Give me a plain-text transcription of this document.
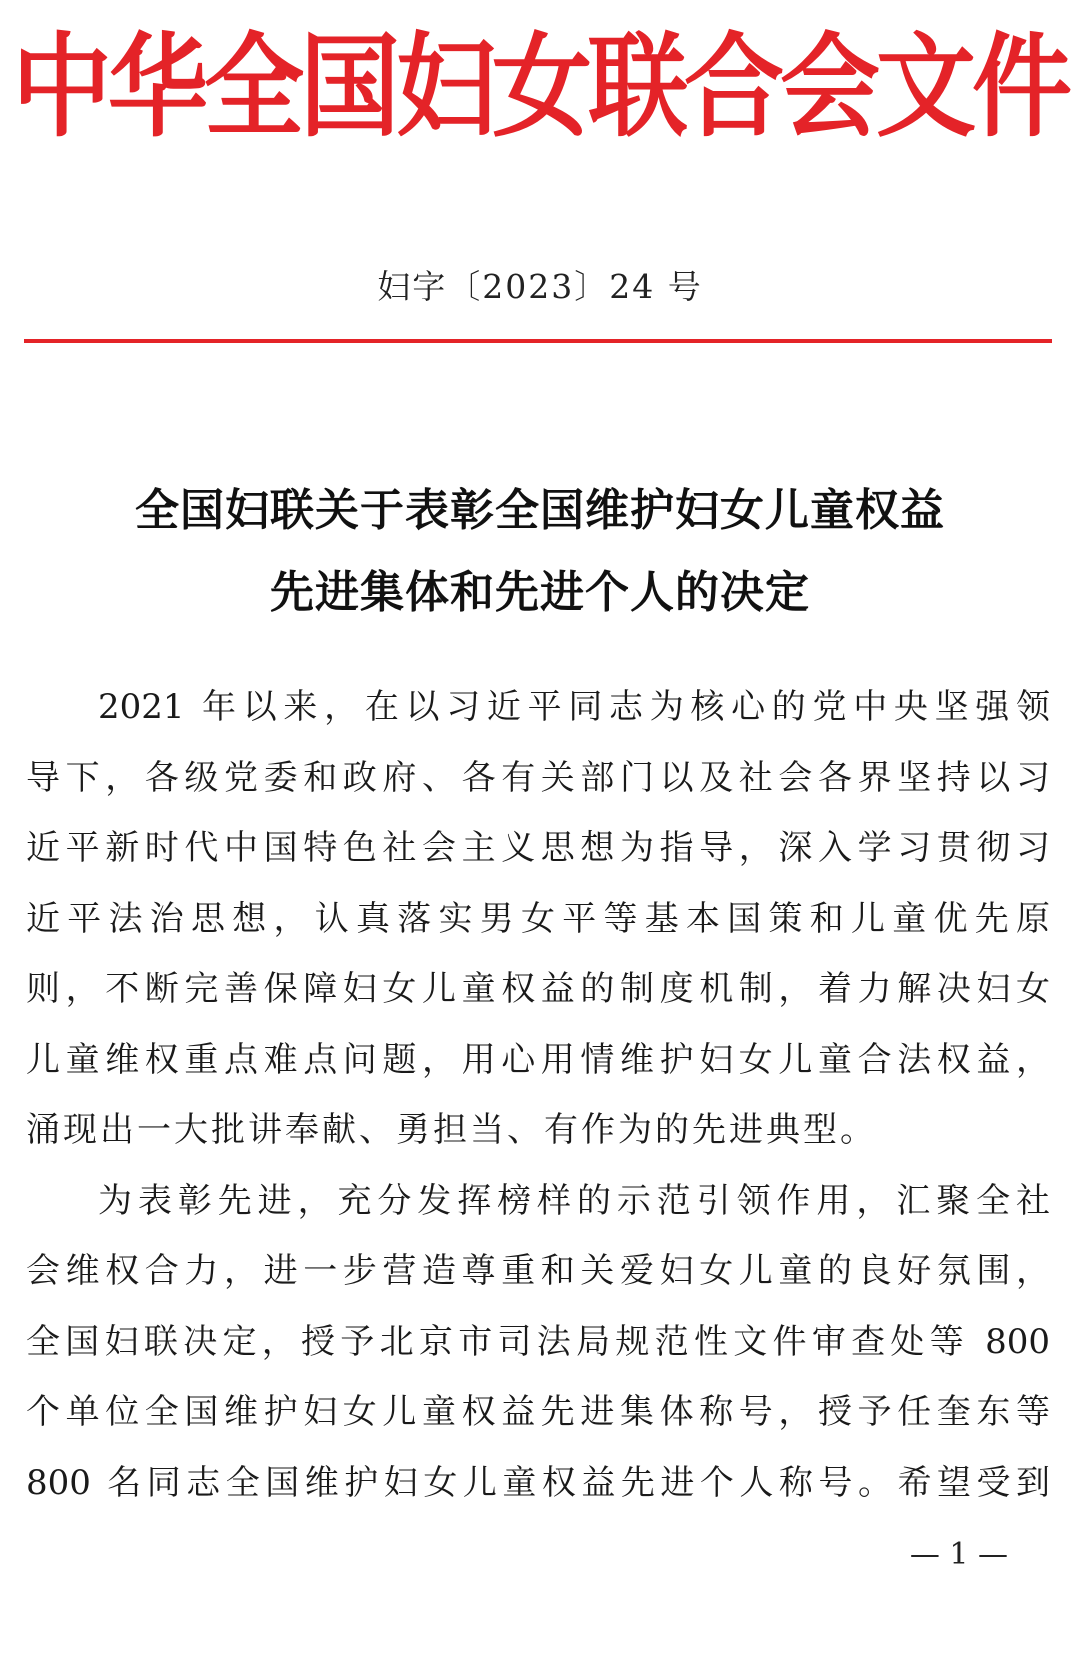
中华全国妇女联合会文件
妇字〔2023〕24 号
全国妇联关于表彰全国维护妇女儿童权益
先进集体和先进个人的决定
2021 年以来，在以习近平同志为核心的党中央坚强领
导下，各级党委和政府、各有关部门以及社会各界坚持以习
近平新时代中国特色社会主义思想为指导，深入学习贯彻习
近平法治思想，认真落实男女平等基本国策和儿童优先原
则，不断完善保障妇女儿童权益的制度机制，着力解决妇女
儿童维权重点难点问题，用心用情维护妇女儿童合法权益，
涌现出一大批讲奉献、勇担当、有作为的先进典型。
为表彰先进，充分发挥榜样的示范引领作用，汇聚全社
会维权合力，进一步营造尊重和关爱妇女儿童的良好氛围，
全国妇联决定，授予北京市司法局规范性文件审查处等 800
个单位全国维护妇女儿童权益先进集体称号，授予任奎东等
800 名同志全国维护妇女儿童权益先进个人称号。希望受到
— 1 —
